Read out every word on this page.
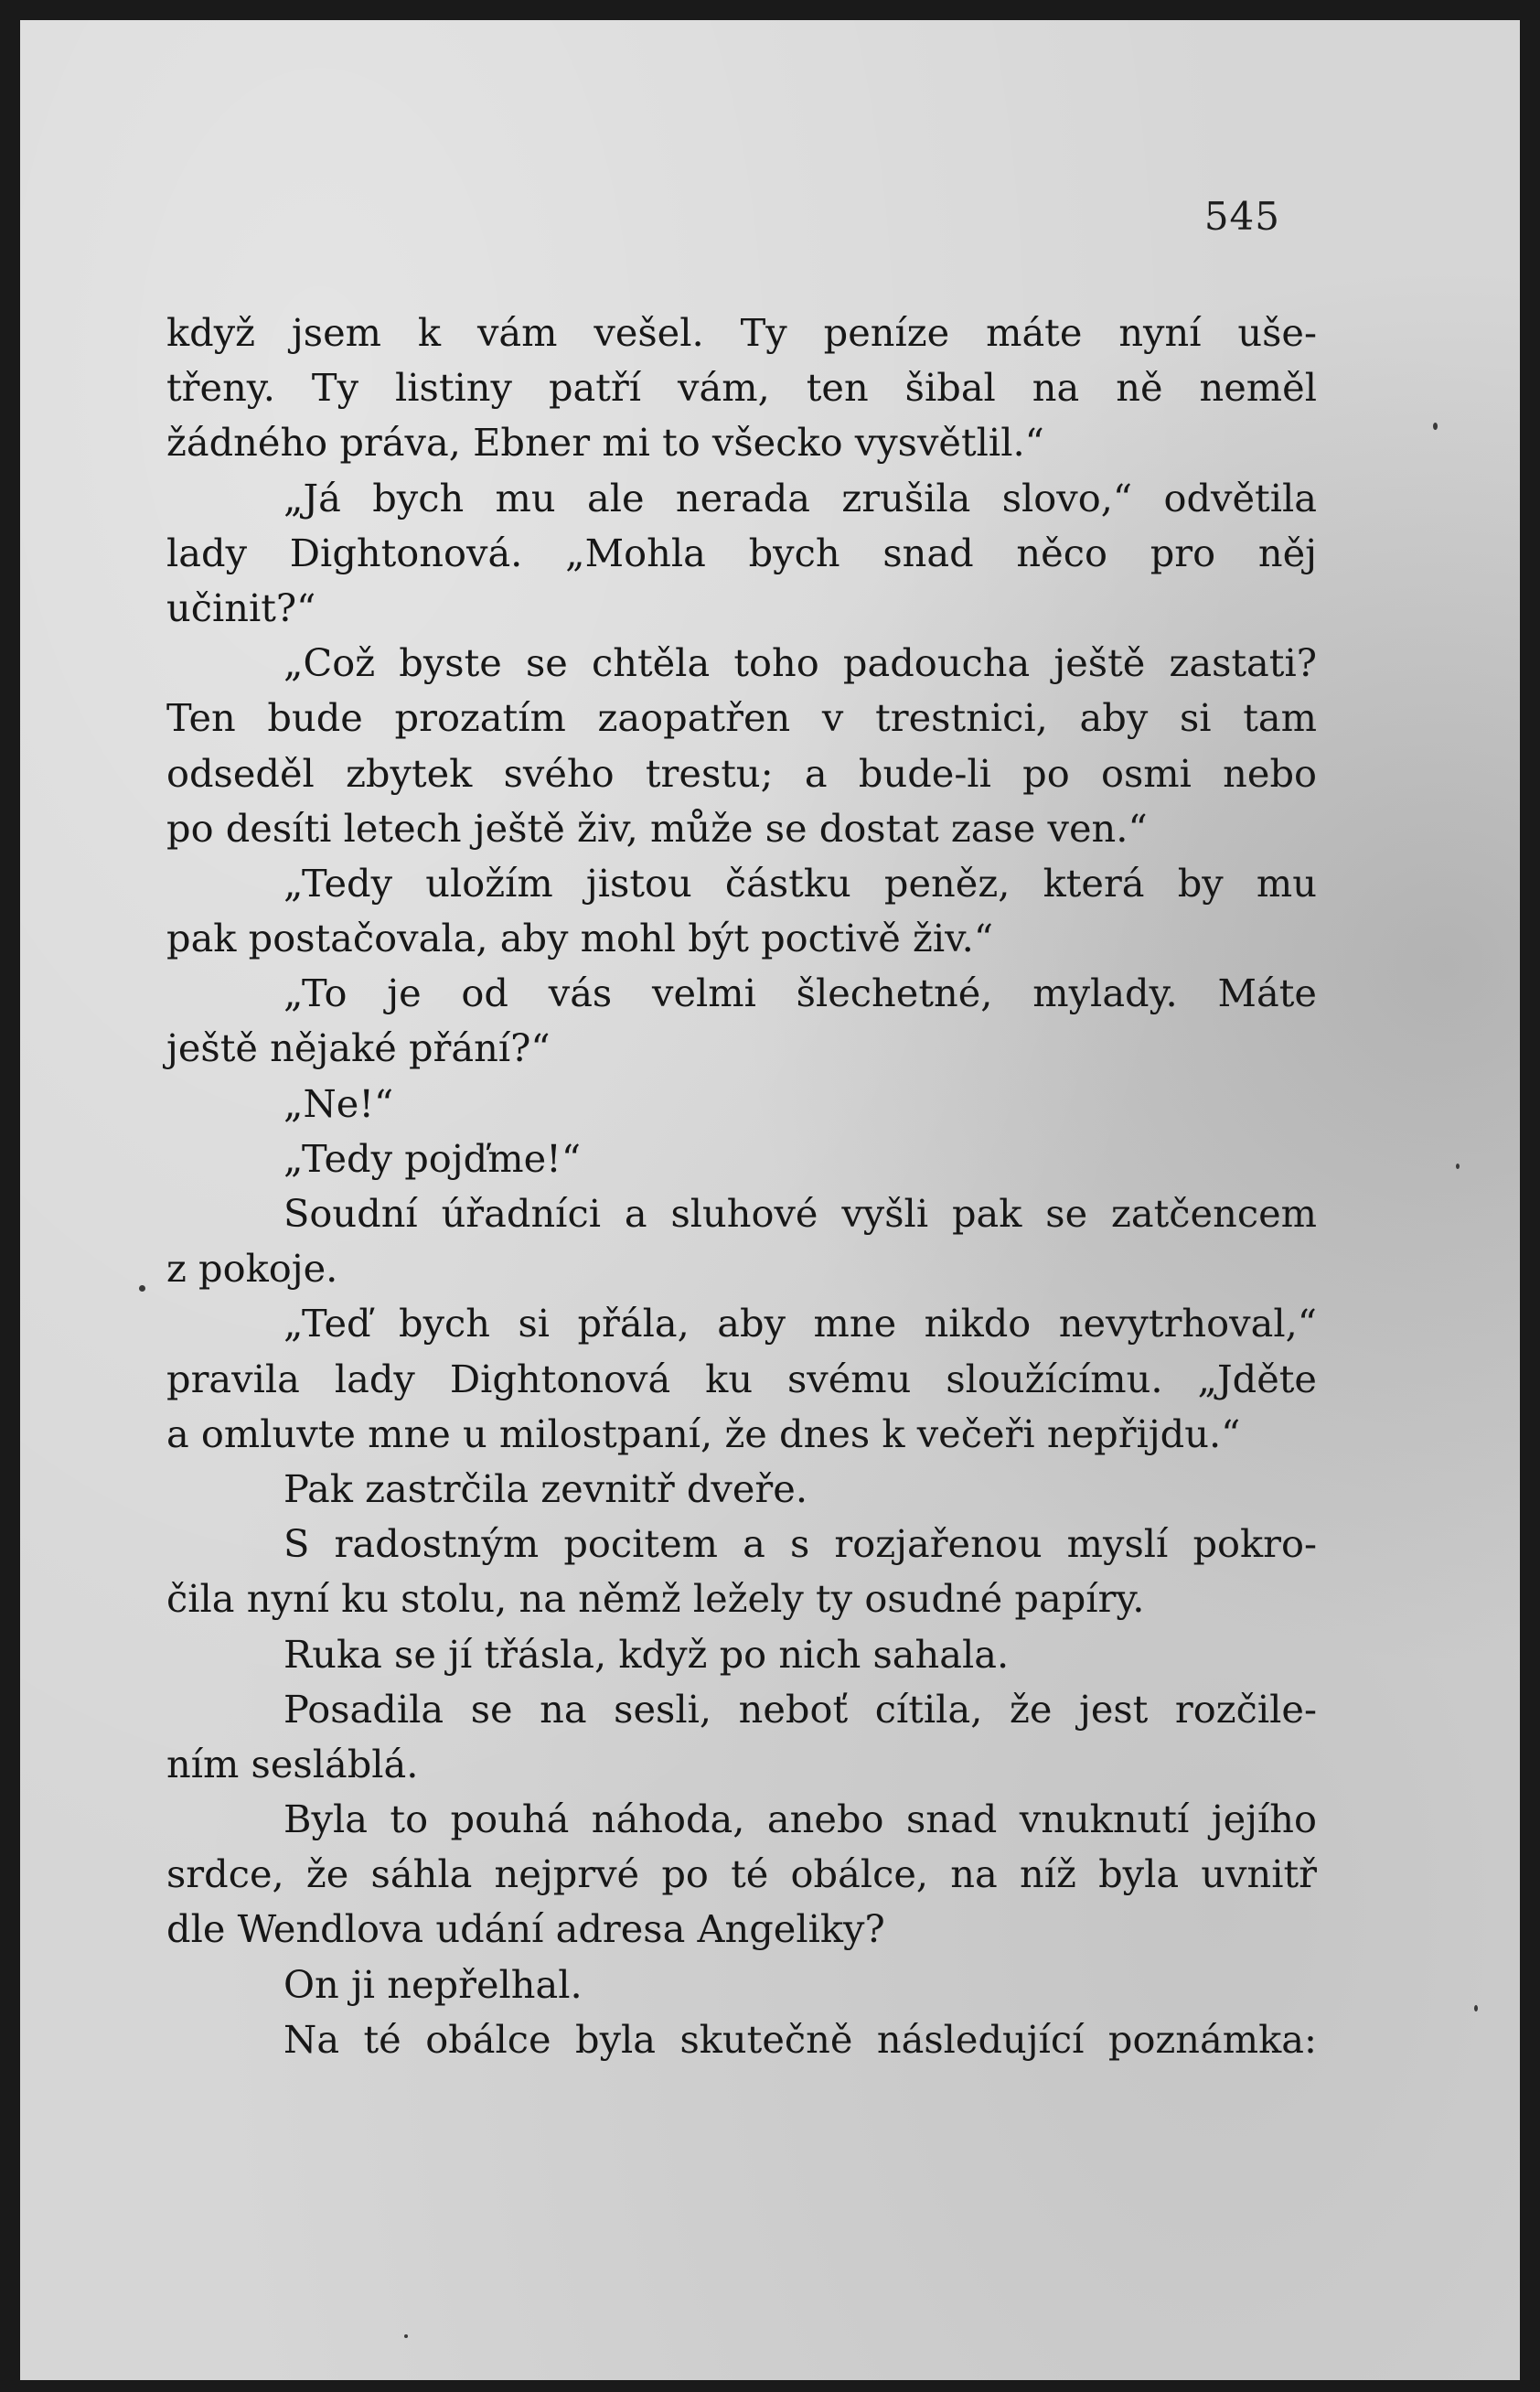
545
když jsem k vám vešel. Ty peníze máte nyní uše-
třeny. Ty listiny patří vám, ten šibal na ně neměl
žádného práva, Ebner mi to všecko vysvětlil.“
„Já bych mu ale nerada zrušila slovo,“ odvětila
lady Dightonová. „Mohla bych snad něco pro něj
učinit?“
„Což byste se chtěla toho padoucha ještě zastati?
Ten bude prozatím zaopatřen v trestnici, aby si tam
odseděl zbytek svého trestu; a bude-li po osmi nebo
po desíti letech ještě živ, může se dostat zase ven.“
„Tedy uložím jistou částku peněz, která by mu
pak postačovala, aby mohl být poctivě živ.“
„To je od vás velmi šlechetné, mylady. Máte
ještě nějaké přání?“
„Ne!“
„Tedy pojďme!“
Soudní úřadníci a sluhové vyšli pak se zatčencem
z pokoje.
„Teď bych si přála, aby mne nikdo nevytrhoval,“
pravila lady Dightonová ku svému sloužícímu. „Jděte
a omluvte mne u milostpaní, že dnes k večeři nepřijdu.“
Pak zastrčila zevnitř dveře.
S radostným pocitem a s rozjařenou myslí pokro-
čila nyní ku stolu, na němž ležely ty osudné papíry.
Ruka se jí třásla, když po nich sahala.
Posadila se na sesli, neboť cítila, že jest rozčile-
ním sesláblá.
Byla to pouhá náhoda, anebo snad vnuknutí jejího
srdce, že sáhla nejprvé po té obálce, na níž byla uvnitř
dle Wendlova udání adresa Angeliky?
On ji nepřelhal.
Na té obálce byla skutečně následující poznámka:
